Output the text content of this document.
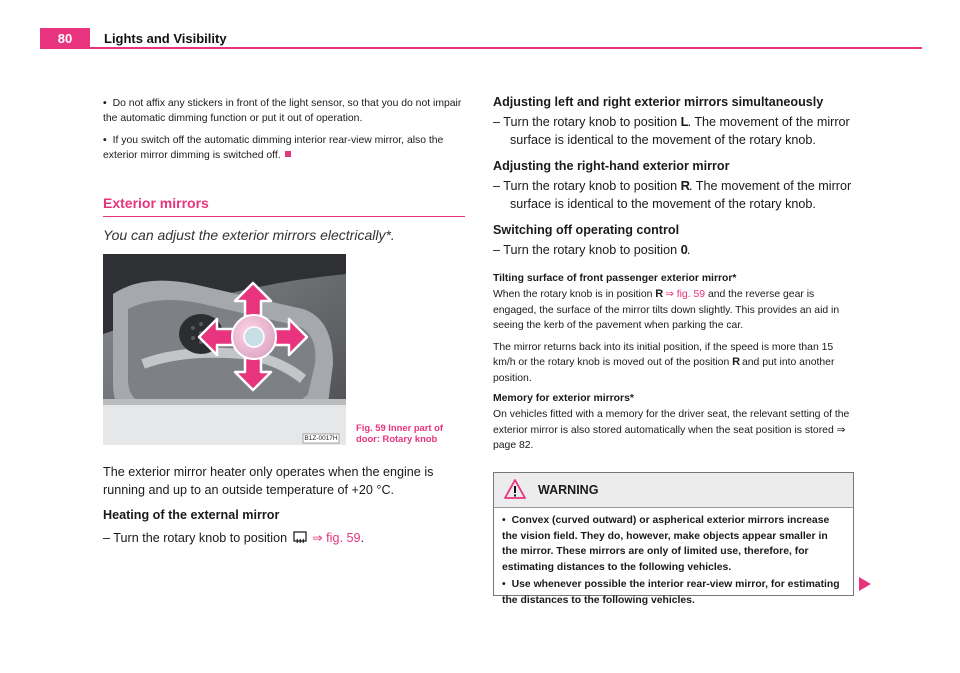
80	Lights and Visibility

• Do not affix any stickers in front of the light sensor, so that you do not impair the automatic dimming function or put it out of operation.

• If you switch off the automatic dimming interior rear-view mirror, also the exterior mirror dimming is switched off.

Exterior mirrors

You can adjust the exterior mirrors electrically*.
B1Z-0017H
Fig. 59 Inner part of
door: Rotary knob

The exterior mirror heater only operates when the engine is running and up to an outside temperature of +20 °C.

Heating of the external mirror

– Turn the rotary knob to position ⇒ fig. 59.

Adjusting left and right exterior mirrors simultaneously

– Turn the rotary knob to position L. The movement of the mirror surface is identical to the movement of the rotary knob.

Adjusting the right-hand exterior mirror

– Turn the rotary knob to position R. The movement of the mirror surface is identical to the movement of the rotary knob.

Switching off operating control

– Turn the rotary knob to position 0.

Tilting surface of front passenger exterior mirror*

When the rotary knob is in position R ⇒ fig. 59 and the reverse gear is engaged, the surface of the mirror tilts down slightly. This provides an aid in seeing the kerb of the pavement when parking the car.

The mirror returns back into its initial position, if the speed is more than 15 km/h or the rotary knob is moved out of the position R and put into another position.

Memory for exterior mirrors*

On vehicles fitted with a memory for the driver seat, the relevant setting of the exterior mirror is also stored automatically when the seat position is stored ⇒ page 82.

WARNING

• Convex (curved outward) or aspherical exterior mirrors increase the vision field. They do, however, make objects appear smaller in the mirror. These mirrors are only of limited use, therefore, for estimating distances to the following vehicles.

• Use whenever possible the interior rear-view mirror, for estimating the distances to the following vehicles.
